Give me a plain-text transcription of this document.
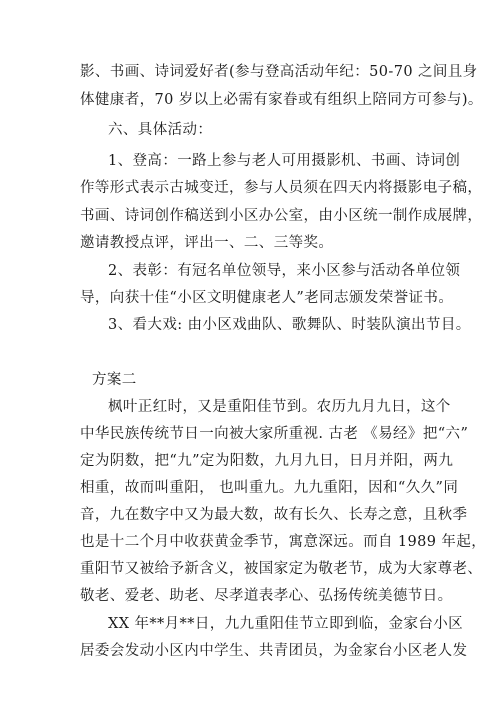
影、书画、诗词爱好者(参与登高活动年纪：50-70 之间且身
体健康者，70 岁以上必需有家眷或有组织上陪同方可参与)。
六、具体活动：
1、登高：一路上参与老人可用摄影机、书画、诗词创
作等形式表示古城变迁，参与人员须在四天内将摄影电子稿，
书画、诗词创作稿送到小区办公室，由小区统一制作成展牌，
邀请教授点评，评出一、二、三等奖。
2、表彰：有冠名单位领导，来小区参与活动各单位领
导，向获十佳“小区文明健康老人”老同志颁发荣誉证书。
3、看大戏: 由小区戏曲队、歌舞队、时装队演出节目。
方案二
枫叶正红时，又是重阳佳节到。农历九月九日，这个
中华民族传统节日一向被大家所重视. 古老 《易经》把“六”
定为阴数，把“九”定为阳数，九月九日，日月并阳，两九
相重，故而叫重阳， 也叫重九。九九重阳，因和“久久”同
音，九在数字中又为最大数，故有长久、长寿之意，且秋季
也是十二个月中收获黄金季节，寓意深远。而自 1989 年起，
重阳节又被给予新含义，被国家定为敬老节，成为大家尊老、
敬老、爱老、助老、尽孝道表孝心、弘扬传统美德节日。
XX 年**月**日，九九重阳佳节立即到临，金家台小区
居委会发动小区内中学生、共青团员，为金家台小区老人发
